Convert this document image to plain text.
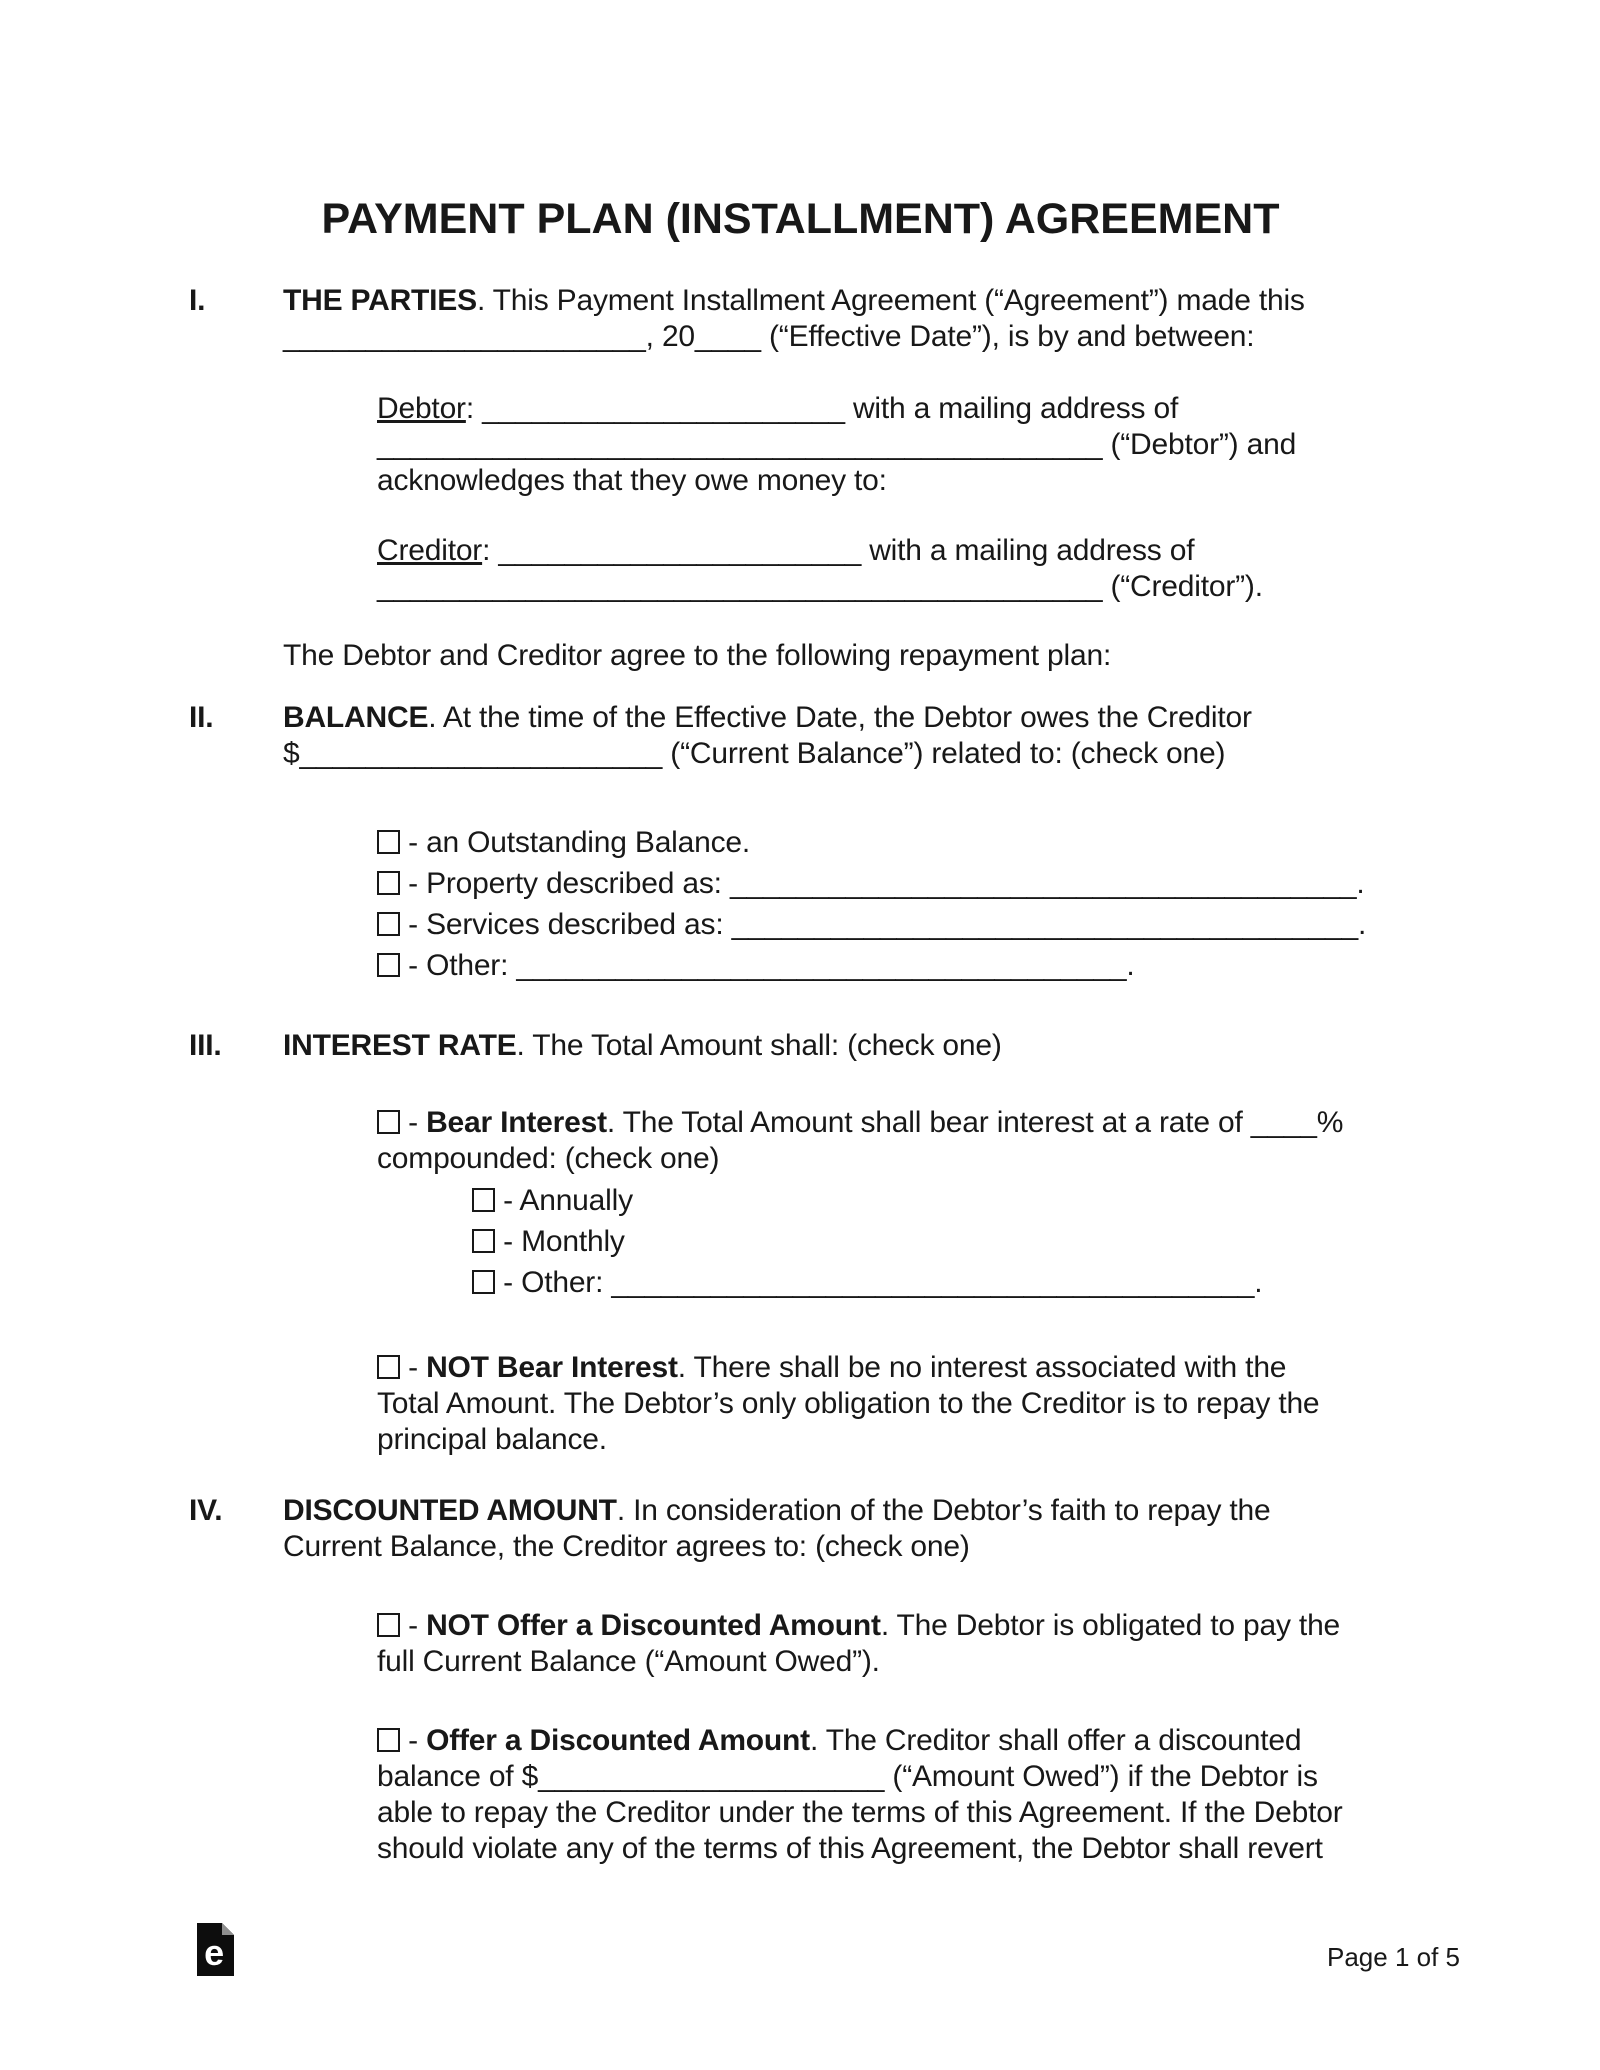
PAYMENT PLAN (INSTALLMENT) AGREEMENT
I.	THE PARTIES. This Payment Installment Agreement (“Agreement”) made this
______________________, 20____ (“Effective Date”), is by and between:
Debtor: ______________________ with a mailing address of
____________________________________________ (“Debtor”) and
acknowledges that they owe money to:
Creditor: ______________________ with a mailing address of
____________________________________________ (“Creditor”).
The Debtor and Creditor agree to the following repayment plan:
II. BALANCE. At the time of the Effective Date, the Debtor owes the Creditor
$______________________ (“Current Balance”) related to: (check one)
- an Outstanding Balance.
- Property described as: ______________________________________.
- Services described as: ______________________________________.
- Other: _____________________________________.
III. INTEREST RATE. The Total Amount shall: (check one)
- Bear Interest. The Total Amount shall bear interest at a rate of ____%
compounded: (check one)
- Annually
- Monthly
- Other: _______________________________________.
- NOT Bear Interest. There shall be no interest associated with the
Total Amount. The Debtor’s only obligation to the Creditor is to repay the
principal balance.
IV. DISCOUNTED AMOUNT. In consideration of the Debtor’s faith to repay the
Current Balance, the Creditor agrees to: (check one)
- NOT Offer a Discounted Amount. The Debtor is obligated to pay the
full Current Balance (“Amount Owed”).
- Offer a Discounted Amount. The Creditor shall offer a discounted
balance of $_____________________ (“Amount Owed”) if the Debtor is
able to repay the Creditor under the terms of this Agreement. If the Debtor
should violate any of the terms of this Agreement, the Debtor shall revert
e	Page 1 of 5
